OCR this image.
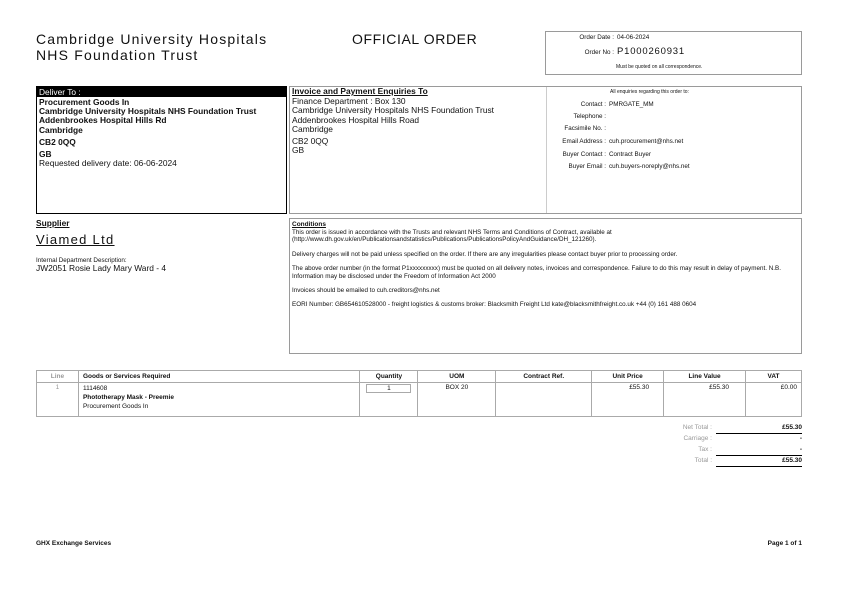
Cambridge University Hospitals
NHS Foundation Trust
OFFICIAL ORDER	Order Date : 04-06-2024
Order No : P1000260931
Must be quoted on all correspondence.
Deliver To :
Procurement Goods In
Cambridge University Hospitals NHS Foundation Trust
Addenbrookes Hospital Hills Rd
Cambridge
CB2 0QQ
GB
Requested delivery date: 06-06-2024
Invoice and Payment Enquiries To
Finance Department : Box 130
Cambridge University Hospitals NHS Foundation Trust
Addenbrookes Hospital Hills Road
Cambridge
CB2 0QQ
GB
All enquiries regarding this order to:
Contact : PMRGATE_MM
Telephone :
Facsimile No. :
Email Address : cuh.procurement@nhs.net
Buyer Contact : Contract Buyer
Buyer Email : cuh.buyers-noreply@nhs.net
Supplier
Viamed Ltd
Internal Department Description:
JW2051 Rosie Lady Mary Ward - 4
Conditions
This order is issued in accordance with the Trusts and relevant NHS Terms and Conditions of Contract, available at (http://www.dh.gov.uk/en/Publicationsandstatistics/Publications/PublicationsPolicyAndGuidance/DH_121260).
Delivery charges will not be paid unless specified on the order. If there are any irregularities please contact buyer prior to processing order.
The above order number (in the format P1xxxxxxxxx) must be quoted on all delivery notes, invoices and correspondence. Failure to do this may result in delay of payment. N.B. Information may be disclosed under the Freedom of Information Act 2000
Invoices should be emailed to cuh.creditors@nhs.net
EORI Number: GB654610528000 - freight logistics & customs broker: Blacksmith Freight Ltd kate@blacksmithfreight.co.uk +44 (0) 161 488 0604
Line	Goods or Services Required	Quantity	UOM	Contract Ref.	Unit Price	Line Value	VAT
1	1114608
Phototherapy Mask - Preemie
Procurement Goods In	1	BOX 20		£55.30	£55.30	£0.00
Net Total :	£55.30
Carriage :	-
Tax :	-
Total :	£55.30
GHX Exchange Services	Page 1 of 1
